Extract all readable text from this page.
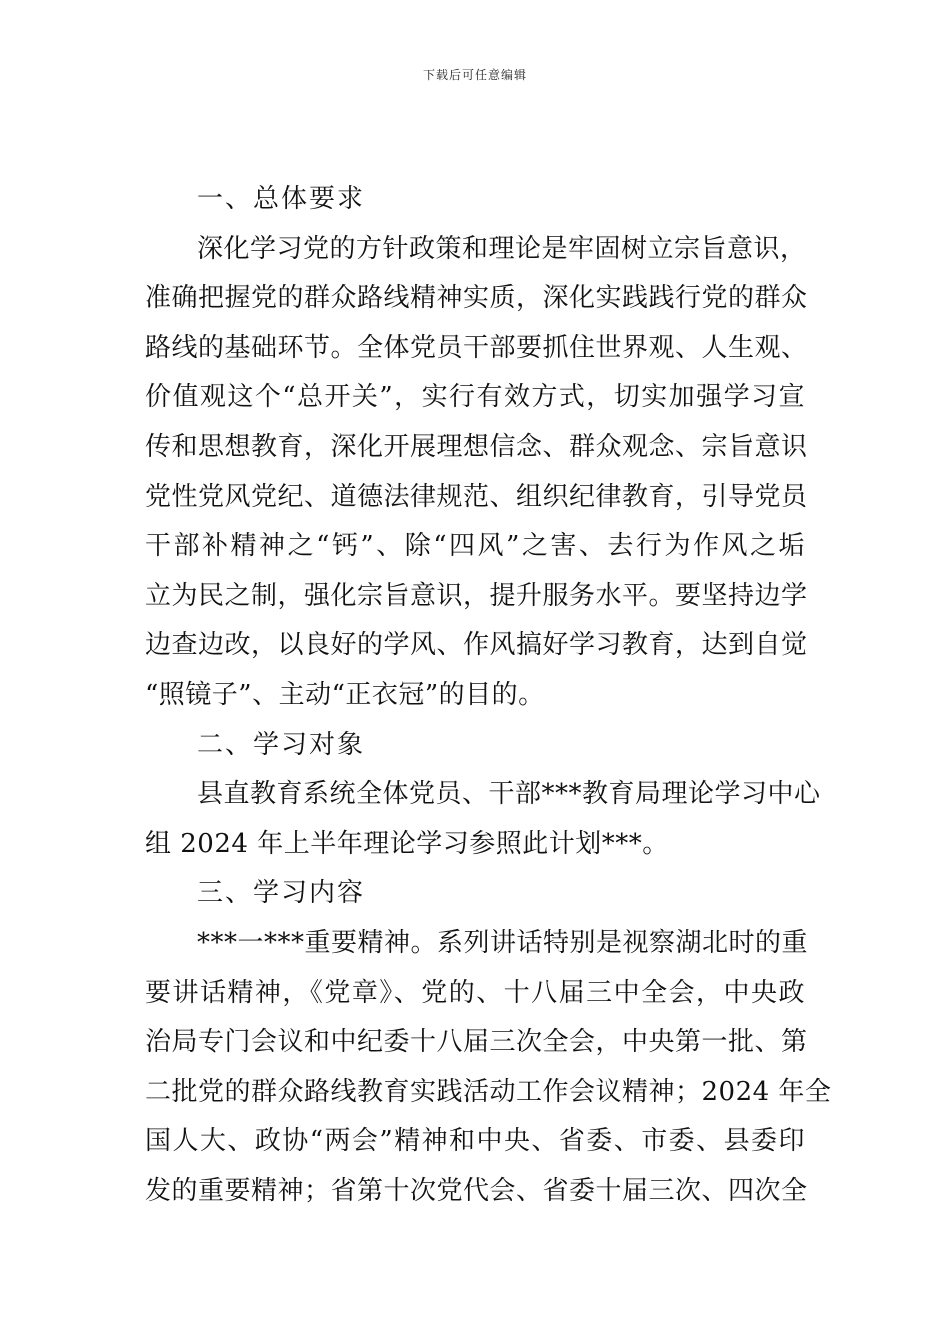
下载后可任意编辑
一、总体要求
深化学习党的方针政策和理论是牢固树立宗旨意识，
准确把握党的群众路线精神实质，深化实践践行党的群众
路线的基础环节。全体党员干部要抓住世界观、人生观、
价值观这个“总开关”，实行有效方式，切实加强学习宣
传和思想教育，深化开展理想信念、群众观念、宗旨意识
党性党风党纪、道德法律规范、组织纪律教育，引导党员
干部补精神之“钙”、除“四风”之害、去行为作风之垢
立为民之制，强化宗旨意识，提升服务水平。要坚持边学
边查边改，以良好的学风、作风搞好学习教育，达到自觉
“照镜子”、主动“正衣冠”的目的。
二、学习对象
县直教育系统全体党员、干部***教育局理论学习中心
组 2024 年上半年理论学习参照此计划***。
三、学习内容
***一***重要精神。系列讲话特别是视察湖北时的重
要讲话精神，《党章》、党的、十八届三中全会，中央政
治局专门会议和中纪委十八届三次全会，中央第一批、第
二批党的群众路线教育实践活动工作会议精神；2024 年全
国人大、政协“两会”精神和中央、省委、市委、县委印
发的重要精神；省第十次党代会、省委十届三次、四次全
